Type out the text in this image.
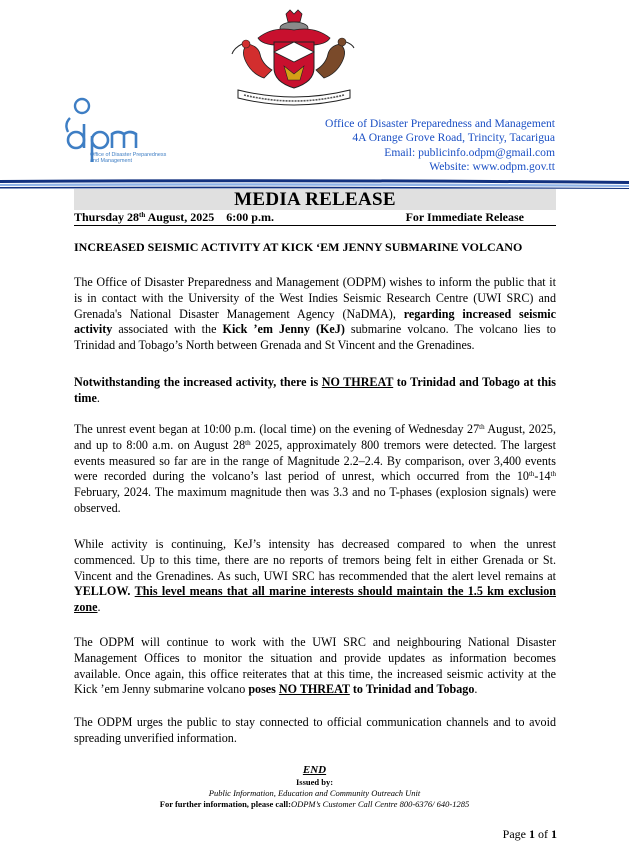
Office of Disaster Preparedness
and Management
Office of Disaster Preparedness and Management
4A Orange Grove Road, Trincity, Tacarigua
Email: publicinfo.odpm@gmail.com
Website: www.odpm.gov.tt
MEDIA RELEASE
Thursday 28th August, 2025 6:00 p.m.	For Immediate Release
INCREASED SEISMIC ACTIVITY AT KICK ‘EM JENNY SUBMARINE VOLCANO
The Office of Disaster Preparedness and Management (ODPM) wishes to inform the public that it is in contact with the University of the West Indies Seismic Research Centre (UWI SRC) and Grenada's National Disaster Management Agency (NaDMA), regarding increased seismic activity associated with the Kick ’em Jenny (KeJ) submarine volcano. The volcano lies to Trinidad and Tobago’s North between Grenada and St Vincent and the Grenadines.
Notwithstanding the increased activity, there is NO THREAT to Trinidad and Tobago at this time.
The unrest event began at 10:00 p.m. (local time) on the evening of Wednesday 27th August, 2025, and up to 8:00 a.m. on August 28th 2025, approximately 800 tremors were detected. The largest events measured so far are in the range of Magnitude 2.2–2.4. By comparison, over 3,400 events were recorded during the volcano’s last period of unrest, which occurred from the 10th-14th February, 2024. The maximum magnitude then was 3.3 and no T-phases (explosion signals) were observed.
While activity is continuing, KeJ’s intensity has decreased compared to when the unrest commenced. Up to this time, there are no reports of tremors being felt in either Grenada or St. Vincent and the Grenadines. As such, UWI SRC has recommended that the alert level remains at YELLOW. This level means that all marine interests should maintain the 1.5 km exclusion zone.
The ODPM will continue to work with the UWI SRC and neighbouring National Disaster Management Offices to monitor the situation and provide updates as information becomes available. Once again, this office reiterates that at this time, the increased seismic activity at the Kick ’em Jenny submarine volcano poses NO THREAT to Trinidad and Tobago.
The ODPM urges the public to stay connected to official communication channels and to avoid spreading unverified information.
END
Issued by:
Public Information, Education and Community Outreach Unit
For further information, please call:ODPM’s Customer Call Centre 800-6376/ 640-1285
Page 1 of 1
